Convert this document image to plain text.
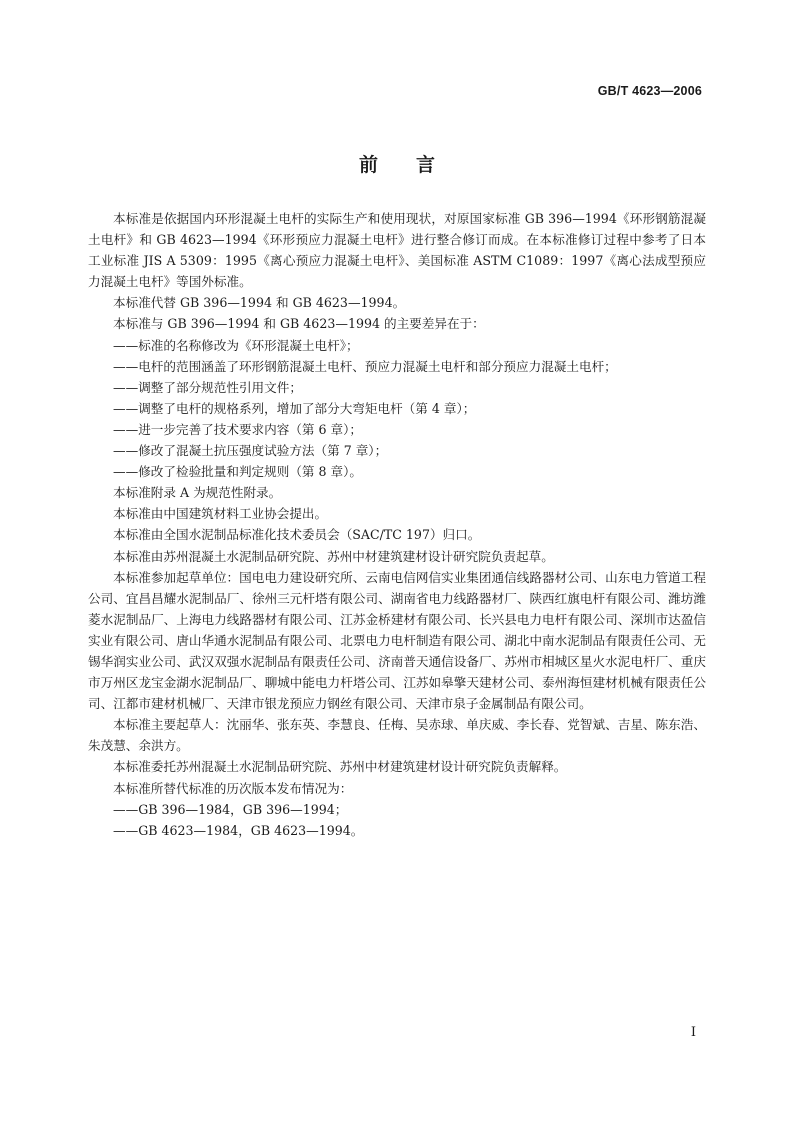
GB/T 4623—2006
前言

本标准是依据国内环形混凝土电杆的实际生产和使用现状，对原国家标准 GB 396—1994《环形钢筋混凝土电杆》和 GB 4623—1994《环形预应力混凝土电杆》进行整合修订而成。在本标准修订过程中参考了日本工业标准 JIS A 5309：1995《离心预应力混凝土电杆》、美国标准 ASTM C1089：1997《离心法成型预应力混凝土电杆》等国外标准。

本标准代替 GB 396—1994 和 GB 4623—1994。

本标准与 GB 396—1994 和 GB 4623—1994 的主要差异在于：

——标准的名称修改为《环形混凝土电杆》；

——电杆的范围涵盖了环形钢筋混凝土电杆、预应力混凝土电杆和部分预应力混凝土电杆；

——调整了部分规范性引用文件；

——调整了电杆的规格系列，增加了部分大弯矩电杆（第 4 章）；

——进一步完善了技术要求内容（第 6 章）；

——修改了混凝土抗压强度试验方法（第 7 章）；

——修改了检验批量和判定规则（第 8 章）。

本标准附录 A 为规范性附录。

本标准由中国建筑材料工业协会提出。

本标准由全国水泥制品标准化技术委员会（SAC/TC 197）归口。

本标准由苏州混凝土水泥制品研究院、苏州中材建筑建材设计研究院负责起草。

本标准参加起草单位：国电电力建设研究所、云南电信网信实业集团通信线路器材公司、山东电力管道工程公司、宜昌昌耀水泥制品厂、徐州三元杆塔有限公司、湖南省电力线路器材厂、陕西红旗电杆有限公司、潍坊潍菱水泥制品厂、上海电力线路器材有限公司、江苏金桥建材有限公司、长兴县电力电杆有限公司、深圳市达盈信实业有限公司、唐山华通水泥制品有限公司、北票电力电杆制造有限公司、湖北中南水泥制品有限责任公司、无锡华润实业公司、武汉双强水泥制品有限责任公司、济南普天通信设备厂、苏州市相城区星火水泥电杆厂、重庆市万州区龙宝金湖水泥制品厂、聊城中能电力杆塔公司、江苏如皋擎天建材公司、泰州海恒建材机械有限责任公司、江都市建材机械厂、天津市银龙预应力钢丝有限公司、天津市泉子金属制品有限公司。

本标准主要起草人：沈丽华、张东英、李慧良、任梅、吴赤球、单庆威、李长春、党智斌、吉星、陈东浩、朱茂慧、余洪方。

本标准委托苏州混凝土水泥制品研究院、苏州中材建筑建材设计研究院负责解释。

本标准所替代标准的历次版本发布情况为：

——GB 396—1984，GB 396—1994；

——GB 4623—1984，GB 4623—1994。

I
